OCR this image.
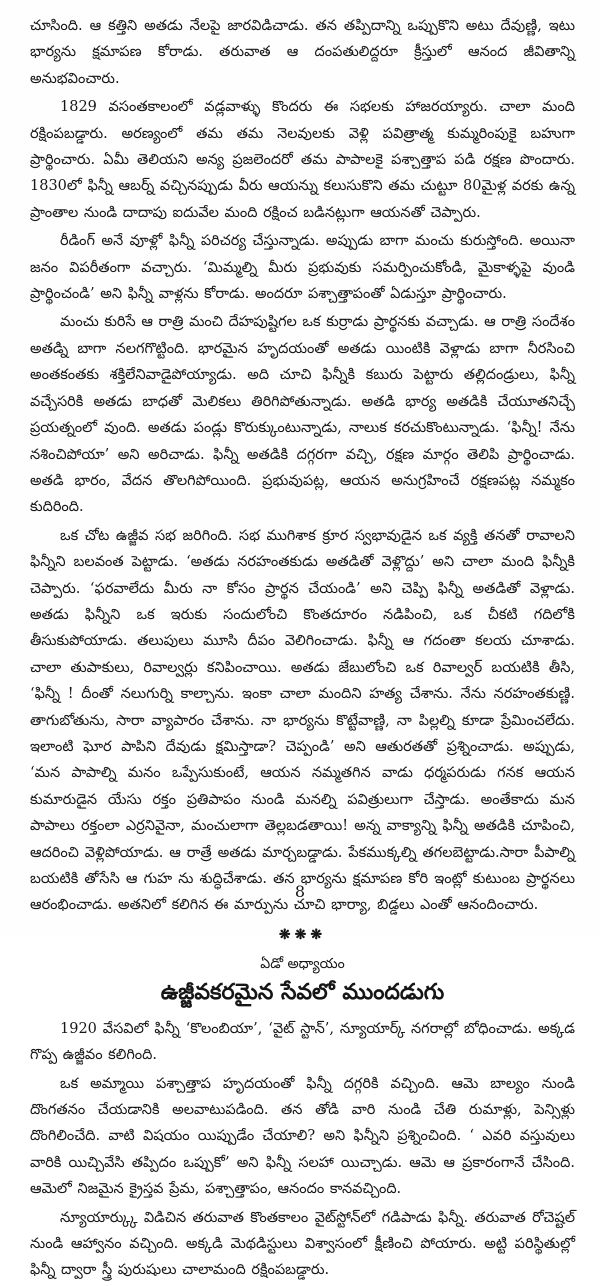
చూసింది. ఆ కత్తిని అతడు నేలపై జారవిడిచాడు. తన తప్పిదాన్ని ఒప్పుకొని అటు దేవుణ్ణి, ఇటు భార్యను క్షమాపణ కోరాడు. తరువాత ఆ దంపతులిద్దరూ క్రీస్తులో ఆనంద జీవితాన్ని అనుభవించారు.

1829 వసంతకాలంలో వడ్లవాళ్ళు కొందరు ఈ సభలకు హాజరయ్యారు. చాలా మంది రక్షింపబడ్డారు. అరణ్యంలో తమ తమ నెలవులకు వెళ్లి పవిత్రాత్మ కుమ్మరింపుకై బహుగా ప్రార్థించారు. ఏమీ తెలియని అన్య ప్రజలెందరో తమ పాపాలకై పశ్చాత్తాప పడి రక్షణ పొందారు. 1830లో ఫిన్నీ ఆబర్న్ వచ్చినప్పుడు వీరు ఆయన్ను కలుసుకొని తమ చుట్టూ 80మైళ్ల వరకు ఉన్న ప్రాంతాల నుండి దాదాపు ఐదువేల మంది రక్షించ బడినట్లుగా ఆయనతో చెప్పారు.

రీడింగ్ అనే వూళ్లో ఫిన్నీ పరిచర్య చేస్తున్నాడు. అప్పుడు బాగా మంచు కురుస్తోంది. అయినా జనం విపరీతంగా వచ్చారు. ‘మిమ్మల్ని మీరు ప్రభువుకు సమర్పించుకోండి, మైకాళ్ళపై వుండి ప్రార్థించండి’ అని ఫిన్నీ వాళ్లను కోరాడు. అందరూ పశ్చాత్తాపంతో ఏడుస్తూ ప్రార్థించారు.

మంచు కురిసే ఆ రాత్రి మంచి దేహపుష్టిగల ఒక కుర్రాడు ప్రార్థనకు వచ్చాడు. ఆ రాత్రి సందేశం అతడ్ని బాగా నలగగొట్టింది. భారమైన హృదయంతో అతడు యింటికి వెళ్లాడు బాగా నీరసించి అంతకంతకు శక్తిలేనివాడైపోయ్యాడు. అది చూచి ఫిన్నీకి కబురు పెట్టారు తల్లిదండ్రులు, ఫిన్నీ వచ్చేసరికి అతడు బాధతో మెలికలు తిరిగిపోతున్నాడు. అతడి భార్య అతడికి చేయూతనిచ్చే ప్రయత్నంలో వుంది. అతడు పండ్లు కొరుక్కుంటున్నాడు, నాలుక కరచుకొంటున్నాడు. ‘ఫిన్నీ! నేను నశించిపోయా’ అని అరిచాడు. ఫిన్నీ అతడికి దగ్గరగా వచ్చి, రక్షణ మార్గం తెలిపి ప్రార్థించాడు. అతడి భారం, వేదన తొలగిపోయింది. ప్రభువుపట్ల, ఆయన అనుగ్రహించే రక్షణపట్ల నమ్మకం కుదిరింది.

ఒక చోట ఉజ్జీవ సభ జరిగింది. సభ ముగిశాక క్రూర స్వభావుడైన ఒక వ్యక్తి తనతో రావాలని ఫిన్నీని బలవంత పెట్టాడు. ‘అతడు నరహంతకుడు అతడితో వెళ్లొద్దు’ అని చాలా మంది ఫిన్నీకి చెప్పారు. ‘ఫరవాలేదు మీరు నా కోసం ప్రార్థన చేయండి’ అని చెప్పి ఫిన్నీ అతడితో వెళ్లాడు. అతడు ఫిన్నీని ఒక ఇరుకు సందులోంచి కొంతదూరం నడిపించి, ఒక చీకటి గదిలోకి తీసుకుపోయాడు. తలుపులు మూసి దీపం వెలిగించాడు. ఫిన్నీ ఆ గదంతా కలయ చూశాడు. చాలా తుపాకులు, రివాల్వర్లు కనిపించాయి. అతడు జేబులోంచి ఒక రివాల్వర్ బయటికి తీసి, ‘ఫిన్నీ ! దీంతో నలుగుర్ని కాల్చాను. ఇంకా చాలా మందిని హత్య చేశాను. నేను నరహంతకుణ్ణి. తాగుబోతును, సారా వ్యాపారం చేశాను. నా భార్యను కొట్టేవాణ్ణి, నా పిల్లల్ని కూడా ప్రేమించలేదు. ఇలాంటి ఘోర పాపిని దేవుడు క్షమిస్తాడా? చెప్పండి’ అని ఆతురతతో ప్రశ్నించాడు. అప్పుడు, ‘మన పాపాల్ని మనం ఒప్పేసుకుంటే, ఆయన నమ్మతగిన వాడు ధర్మపరుడు గనక ఆయన కుమారుడైన యేసు రక్తం ప్రతిపాపం నుండి మనల్ని పవిత్రులుగా చేస్తాడు. అంతేకాదు మన పాపాలు రక్తంలా ఎర్రనివైనా, మంచులాగా తెల్లబడతాయి! అన్న వాక్యాన్ని ఫిన్నీ అతడికి చూపించి, ఆదరించి వెళ్లిపోయాడు. ఆ రాత్రే అతడు మార్చబడ్డాడు. పేకముక్కల్ని తగలబెట్టాడు.సారా పీపాల్ని బయటికి తోసేసి ఆ గుహ ను శుద్ధిచేశాడు. తన భార్యను క్షమాపణ కోరి ఇంట్లో కుటుంబ ప్రార్థనలు ఆరంభించాడు. అతనిలో కలిగిన ఈ మార్పును చూచి భార్యా, బిడ్డలు ఎంతో ఆనందించారు.

❋❋❋
ఏడో అధ్యాయం
ఉజ్జీవకరమైన సేవలో ముందడుగు

1920 వేసవిలో ఫిన్నీ ‘కొలంబియా’, ‘వైట్ స్టాన్’, న్యూయార్క్ నగరాల్లో బోధించాడు. అక్కడ గొప్ప ఉజ్జీవం కలిగింది.

ఒక అమ్మాయి పశ్చాత్తాప హృదయంతో ఫిన్నీ దగ్గరికి వచ్చింది. ఆమె బాల్యం నుండి దొంగతనం చేయడానికి అలవాటుపడింది. తన తోడి వారి నుండి చేతి రుమాళ్లు, పెన్సిళ్లు దొంగిలించేది. వాటి విషయం యిప్పుడేం చేయాలి? అని ఫిన్నీని ప్రశ్నించింది. ‘ ఎవరి వస్తువులు వారికి యిచ్చివేసి తప్పిదం ఒప్పుకో’ అని ఫిన్నీ సలహా యిచ్చాడు. ఆమె ఆ ప్రకారంగానే చేసింది. ఆమెలో నిజమైన క్రైస్తవ ప్రేమ, పశ్చాత్తాపం, ఆనందం కానవచ్చింది.

న్యూయార్క్కు విడిచిన తరువాత కొంతకాలం వైట్‌స్టోన్‌లో గడిపాడు ఫిన్నీ. తరువాత రోచెష్టల్ నుండి ఆహ్వానం వచ్చింది. అక్కడి మెథడిస్టులు విశ్వాసంలో క్షీణించి పోయారు. అట్టి పరిస్థితుల్లో ఫిన్నీ ద్వారా స్త్రీ పురుషులు చాలామంది రక్షింపబడ్డారు.

8
